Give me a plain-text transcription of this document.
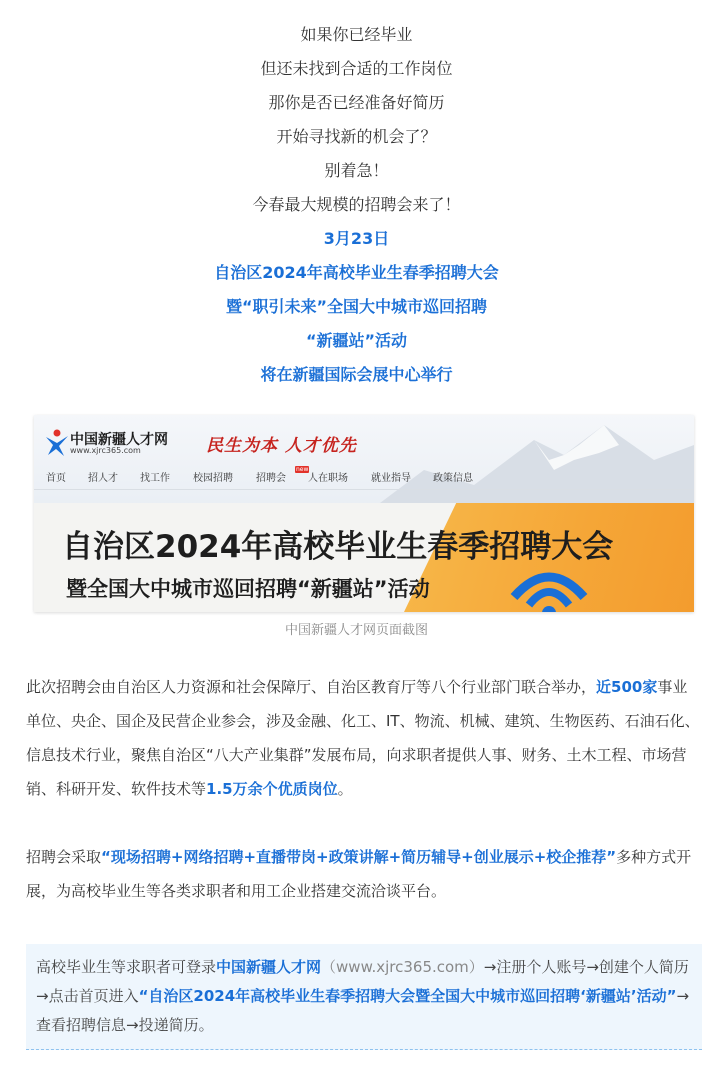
如果你已经毕业

但还未找到合适的工作岗位

那你是否已经准备好简历

开始寻找新的机会了？

别着急！

今春最大规模的招聘会来了！

3月23日

自治区2024年高校毕业生春季招聘大会

暨“职引未来”全国大中城市巡回招聘

“新疆站”活动

将在新疆国际会展中心举行

中国新疆人才网
www.xjrc365.com	民生为本 人才优先
首页 招人才 找工作 校园招聘 招聘会
new
人在职场 就业指导 政策信息
自治区2024年高校毕业生春季招聘大会
暨全国大中城市巡回招聘“新疆站”活动
中国新疆人才网页面截图
此次招聘会由自治区人力资源和社会保障厅、自治区教育厅等八个行业部门联合举办，近500家事业单位、央企、国企及民营企业参会，涉及金融、化工、IT、物流、机械、建筑、生物医药、石油石化、信息技术行业，聚焦自治区“八大产业集群”发展布局，向求职者提供人事、财务、土木工程、市场营销、科研开发、软件技术等1.5万余个优质岗位。
招聘会采取“现场招聘+网络招聘+直播带岗+政策讲解+简历辅导+创业展示+校企推荐”多种方式开展，为高校毕业生等各类求职者和用工企业搭建交流洽谈平台。

高校毕业生等求职者可登录中国新疆人才网（www.xjrc365.com）→注册个人账号→创建个人简历→点击首页进入“自治区2024年高校毕业生春季招聘大会暨全国大中城市巡回招聘‘新疆站’活动”→查看招聘信息→投递简历。
